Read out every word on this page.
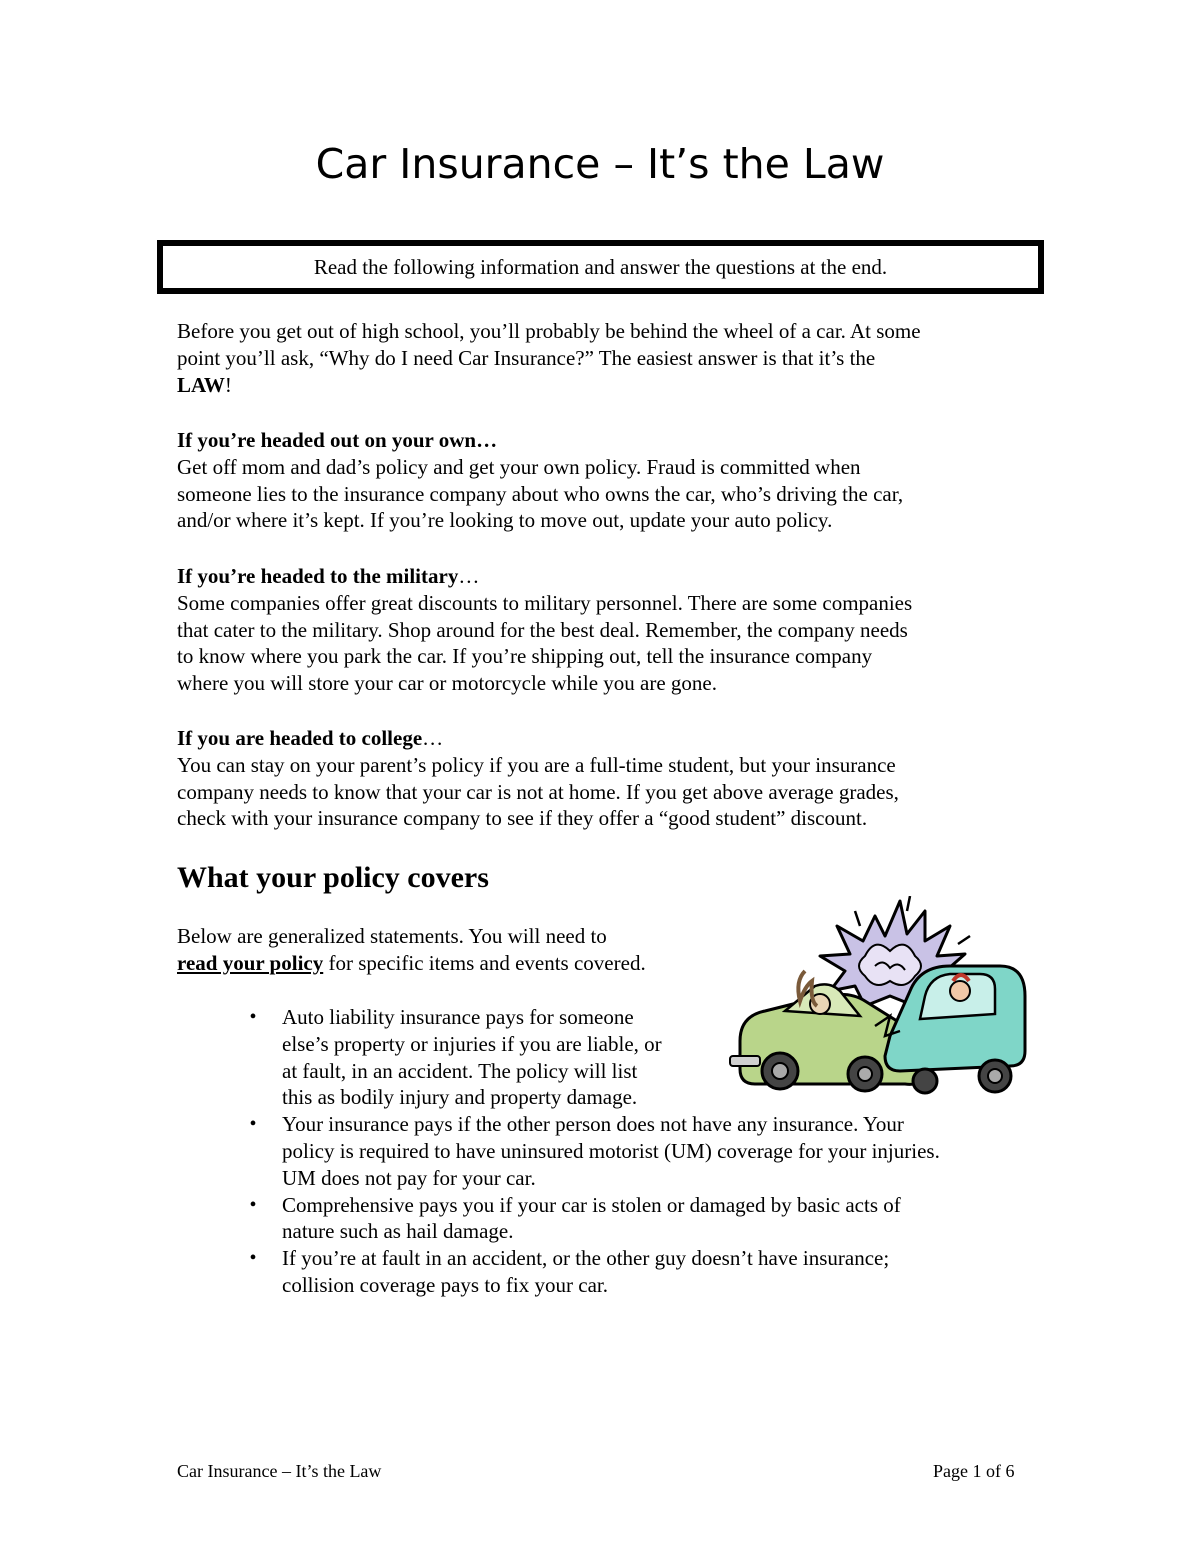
Car Insurance – It’s the Law
Read the following information and answer the questions at the end.

Before you get out of high school, you’ll probably be behind the wheel of a car. At some

point you’ll ask, “Why do I need Car Insurance?” The easiest answer is that it’s the

LAW!

If you’re headed out on your own…

Get off mom and dad’s policy and get your own policy. Fraud is committed when

someone lies to the insurance company about who owns the car, who’s driving the car,

and/or where it’s kept. If you’re looking to move out, update your auto policy.

If you’re headed to the military…

Some companies offer great discounts to military personnel. There are some companies

that cater to the military. Shop around for the best deal. Remember, the company needs

to know where you park the car. If you’re shipping out, tell the insurance company

where you will store your car or motorcycle while you are gone.

If you are headed to college…

You can stay on your parent’s policy if you are a full-time student, but your insurance

company needs to know that your car is not at home. If you get above average grades,

check with your insurance company to see if they offer a “good student” discount.

What your policy covers

Below are generalized statements. You will need to

read your policy for specific items and events covered.

•	Auto liability insurance pays for someone
else’s property or injuries if you are liable, or
at fault, in an accident. The policy will list
this as bodily injury and property damage.
•	Your insurance pays if the other person does not have any insurance. Your
policy is required to have uninsured motorist (UM) coverage for your injuries.
UM does not pay for your car.
•	Comprehensive pays you if your car is stolen or damaged by basic acts of
nature such as hail damage.
•	If you’re at fault in an accident, or the other guy doesn’t have insurance;
collision coverage pays to fix your car.
Car Insurance – It’s the Law	Page 1 of 6
